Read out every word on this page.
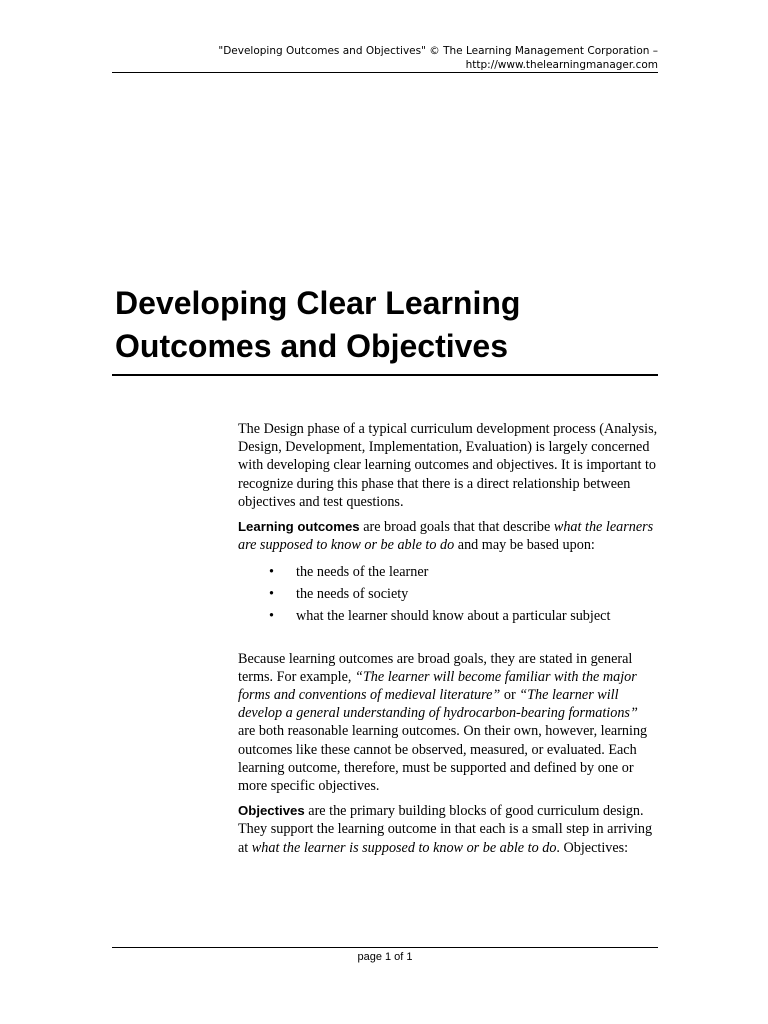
"Developing Outcomes and Objectives" © The Learning Management Corporation –
http://www.thelearningmanager.com
Developing Clear Learning
Outcomes and Objectives

The Design phase of a typical curriculum development process (Analysis, Design, Development, Implementation, Evaluation) is largely concerned with developing clear learning outcomes and objectives. It is important to recognize during this phase that there is a direct relationship between objectives and test questions.

Learning outcomes are broad goals that that describe what the learners are supposed to know or be able to do and may be based upon:

• the needs of the learner
• the needs of society
• what the learner should know about a particular subject

Because learning outcomes are broad goals, they are stated in general terms. For example, “The learner will become familiar with the major forms and conventions of medieval literature” or “The learner will develop a general understanding of hydrocarbon-bearing formations” are both reasonable learning outcomes. On their own, however, learning outcomes like these cannot be observed, measured, or evaluated. Each learning outcome, therefore, must be supported and defined by one or more specific objectives.

Objectives are the primary building blocks of good curriculum design. They support the learning outcome in that each is a small step in arriving at what the learner is supposed to know or be able to do. Objectives:

page 1 of 1
